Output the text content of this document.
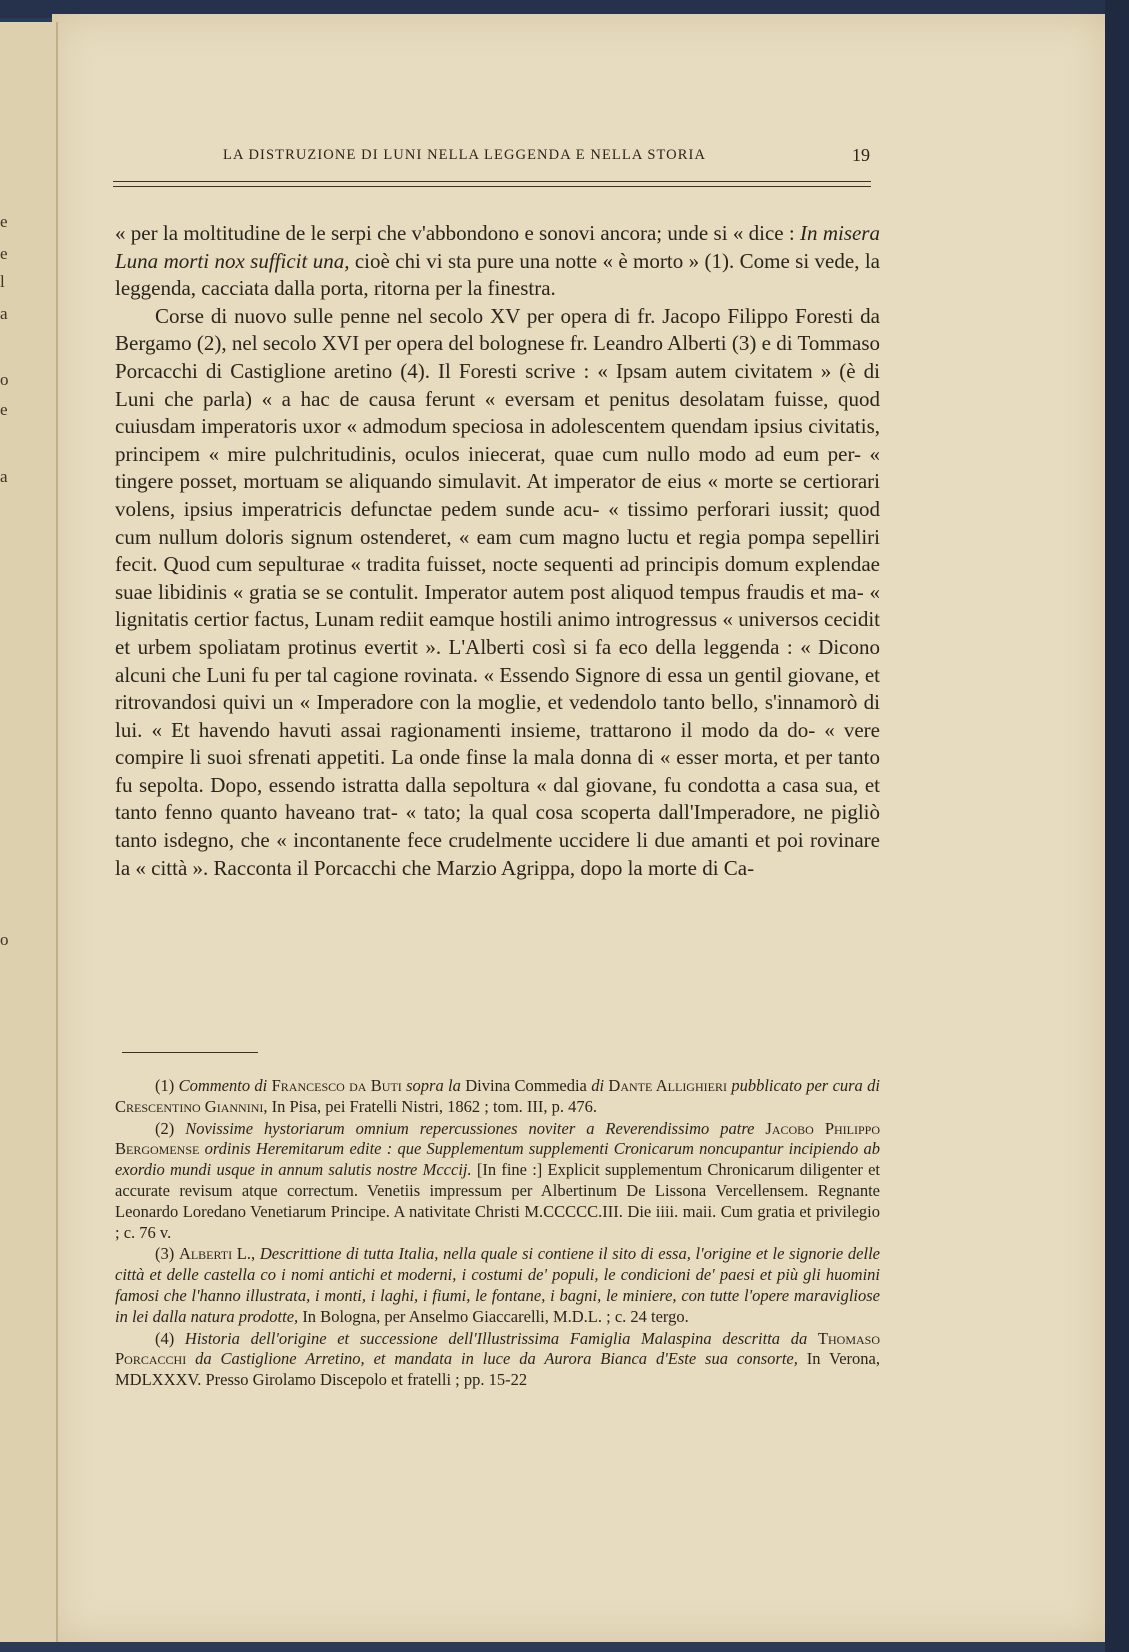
e
e
l
a
o
e
a
o
LA DISTRUZIONE DI LUNI NELLA LEGGENDA E NELLA STORIA	19

« per la moltitudine de le serpi che v'abbondono e sonovi ancora; unde si « dice : In misera Luna morti nox sufficit una, cioè chi vi sta pure una notte « è morto » (1). Come si vede, la leggenda, cacciata dalla porta, ritorna per la finestra.

Corse di nuovo sulle penne nel secolo XV per opera di fr. Jacopo Filippo Foresti da Bergamo (2), nel secolo XVI per opera del bolognese fr. Leandro Alberti (3) e di Tommaso Porcacchi di Castiglione aretino (4). Il Foresti scrive : « Ipsam autem civitatem » (è di Luni che parla) « a hac de causa ferunt « eversam et penitus desolatam fuisse, quod cuiusdam imperatoris uxor « admodum speciosa in adolescentem quendam ipsius civitatis, principem « mire pulchritudinis, oculos iniecerat, quae cum nullo modo ad eum per- « tingere posset, mortuam se aliquando simulavit. At imperator de eius « morte se certiorari volens, ipsius imperatricis defunctae pedem sunde acu- « tissimo perforari iussit; quod cum nullum doloris signum ostenderet, « eam cum magno luctu et regia pompa sepelliri fecit. Quod cum sepulturae « tradita fuisset, nocte sequenti ad principis domum explendae suae libidinis « gratia se se contulit. Imperator autem post aliquod tempus fraudis et ma- « lignitatis certior factus, Lunam rediit eamque hostili animo introgressus « universos cecidit et urbem spoliatam protinus evertit ». L'Alberti così si fa eco della leggenda : « Dicono alcuni che Luni fu per tal cagione rovinata. « Essendo Signore di essa un gentil giovane, et ritrovandosi quivi un « Imperadore con la moglie, et vedendolo tanto bello, s'innamorò di lui. « Et havendo havuti assai ragionamenti insieme, trattarono il modo da do- « vere compire li suoi sfrenati appetiti. La onde finse la mala donna di « esser morta, et per tanto fu sepolta. Dopo, essendo istratta dalla sepoltura « dal giovane, fu condotta a casa sua, et tanto fenno quanto haveano trat- « tato; la qual cosa scoperta dall'Imperadore, ne pigliò tanto isdegno, che « incontanente fece crudelmente uccidere li due amanti et poi rovinare la « città ». Racconta il Porcacchi che Marzio Agrippa, dopo la morte di Ca-

(1) Commento di Francesco da Buti sopra la Divina Commedia di Dante Allighieri pubblicato per cura di Crescentino Giannini, In Pisa, pei Fratelli Nistri, 1862 ; tom. III, p. 476.

(2) Novissime hystoriarum omnium repercussiones noviter a Reverendissimo patre Jacobo Philippo Bergomense ordinis Heremitarum edite : que Supplementum supplementi Cronicarum noncupantur incipiendo ab exordio mundi usque in annum salutis nostre Mcccij. [In fine :] Explicit supplementum Chronicarum diligenter et accurate revisum atque correctum. Venetiis impressum per Albertinum De Lissona Vercellensem. Regnante Leonardo Loredano Venetiarum Principe. A nativitate Christi M.CCCCC.III. Die iiii. maii. Cum gratia et privilegio ; c. 76 v.

(3) Alberti L., Descrittione di tutta Italia, nella quale si contiene il sito di essa, l'origine et le signorie delle città et delle castella co i nomi antichi et moderni, i costumi de' populi, le condicioni de' paesi et più gli huomini famosi che l'hanno illustrata, i monti, i laghi, i fiumi, le fontane, i bagni, le miniere, con tutte l'opere maravigliose in lei dalla natura prodotte, In Bologna, per Anselmo Giaccarelli, M.D.L. ; c. 24 tergo.

(4) Historia dell'origine et successione dell'Illustrissima Famiglia Malaspina descritta da Thomaso Porcacchi da Castiglione Arretino, et mandata in luce da Aurora Bianca d'Este sua consorte, In Verona, MDLXXXV. Presso Girolamo Discepolo et fratelli ; pp. 15-22
